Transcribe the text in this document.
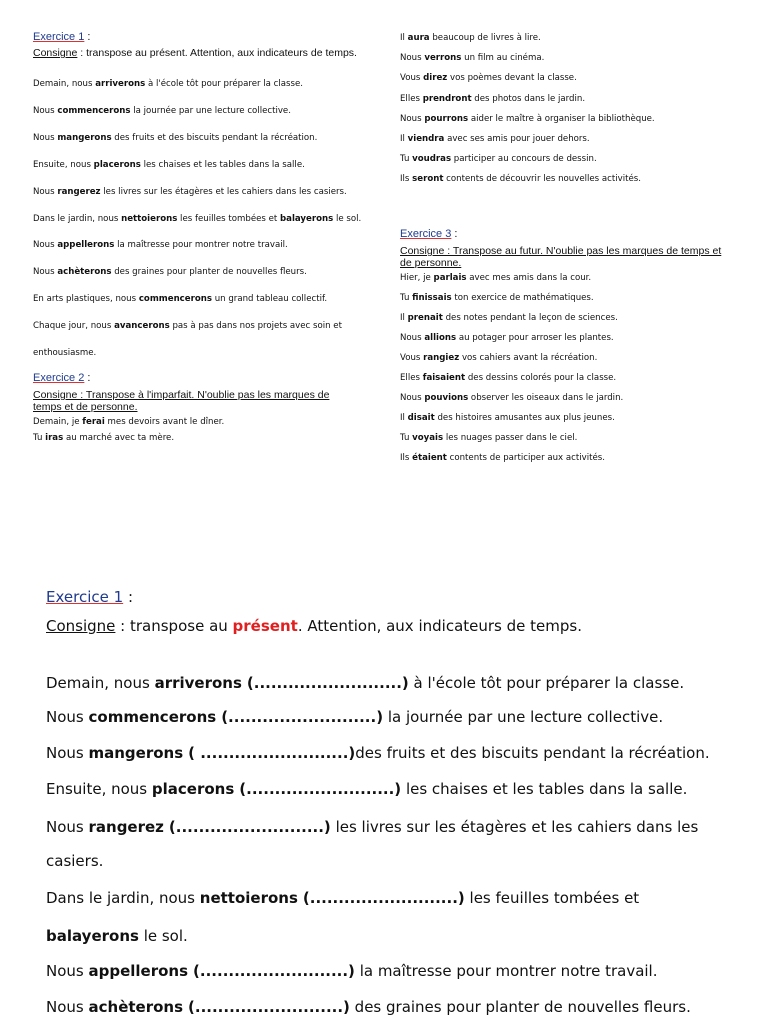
Exercice 1 :
Consigne : transpose au présent. Attention, aux indicateurs de temps.
Demain, nous arriverons à l'école tôt pour préparer la classe.
Nous commencerons la journée par une lecture collective.
Nous mangerons des fruits et des biscuits pendant la récréation.
Ensuite, nous placerons les chaises et les tables dans la salle.
Nous rangerez les livres sur les étagères et les cahiers dans les casiers.
Dans le jardin, nous nettoierons les feuilles tombées et balayerons le sol.
Nous appellerons la maîtresse pour montrer notre travail.
Nous achèterons des graines pour planter de nouvelles fleurs.
En arts plastiques, nous commencerons un grand tableau collectif.
Chaque jour, nous avancerons pas à pas dans nos projets avec soin et
enthousiasme.
Exercice 2 :
Consigne : Transpose à l'imparfait. N'oublie pas les marques de temps et de personne.
Demain, je ferai mes devoirs avant le dîner.
Tu iras au marché avec ta mère.
Il aura beaucoup de livres à lire.
Nous verrons un film au cinéma.
Vous direz vos poèmes devant la classe.
Elles prendront des photos dans le jardin.
Nous pourrons aider le maître à organiser la bibliothèque.
Il viendra avec ses amis pour jouer dehors.
Tu voudras participer au concours de dessin.
Ils seront contents de découvrir les nouvelles activités.
Exercice 3 :
Consigne : Transpose au futur. N'oublie pas les marques de temps et de personne.
Hier, je parlais avec mes amis dans la cour.
Tu finissais ton exercice de mathématiques.
Il prenait des notes pendant la leçon de sciences.
Nous allions au potager pour arroser les plantes.
Vous rangiez vos cahiers avant la récréation.
Elles faisaient des dessins colorés pour la classe.
Nous pouvions observer les oiseaux dans le jardin.
Il disait des histoires amusantes aux plus jeunes.
Tu voyais les nuages passer dans le ciel.
Ils étaient contents de participer aux activités.
Exercice 1 :
Consigne : transpose au présent. Attention, aux indicateurs de temps.
Demain, nous arriverons (..........................) à l'école tôt pour préparer la classe.
Nous commencerons (..........................) la journée par une lecture collective.
Nous mangerons ( ..........................)des fruits et des biscuits pendant la récréation.
Ensuite, nous placerons (..........................) les chaises et les tables dans la salle.
Nous rangerez (..........................) les livres sur les étagères et les cahiers dans les
casiers.
Dans le jardin, nous nettoierons (..........................) les feuilles tombées et
balayerons le sol.
Nous appellerons (..........................) la maîtresse pour montrer notre travail.
Nous achèterons (..........................) des graines pour planter de nouvelles fleurs.
